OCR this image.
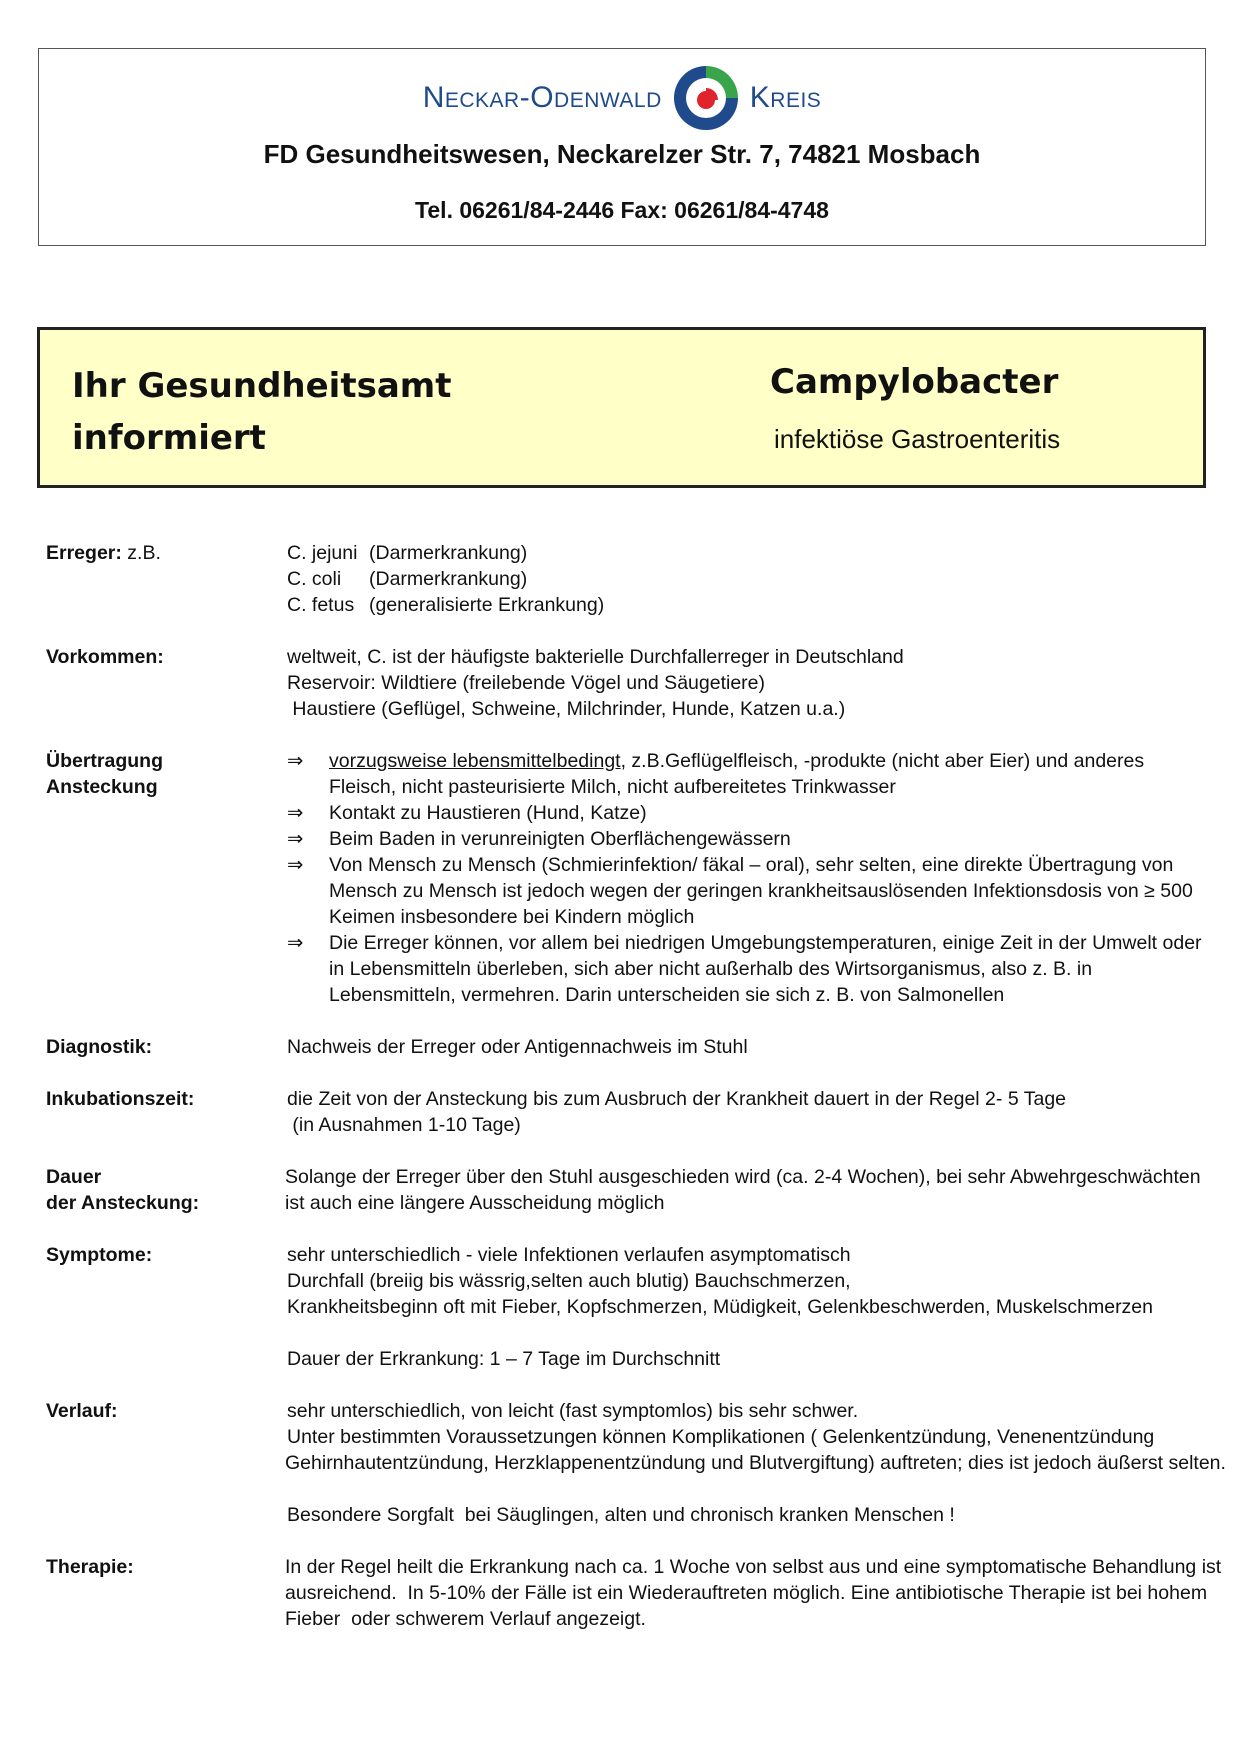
Neckar-Odenwald	Kreis
FD Gesundheitswesen, Neckarelzer Str. 7, 74821 Mosbach
Tel. 06261/84-2446 Fax: 06261/84-4748
Ihr Gesundheitsamt
informiert
Campylobacter
infektiöse Gastroenteritis
Erreger: z.B.	C. jejuni (Darmerkrankung)
C. coli (Darmerkrankung)
C. fetus (generalisierte Erkrankung)
Vorkommen:	weltweit, C. ist der häufigste bakterielle Durchfallerreger in Deutschland
Reservoir: Wildtiere (freilebende Vögel und Säugetiere)
Haustiere (Geflügel, Schweine, Milchrinder, Hunde, Katzen u.a.)
Übertragung
Ansteckung
⇒	vorzugsweise lebensmittelbedingt, z.B.Geflügelfleisch, -produkte (nicht aber Eier) und anderes Fleisch, nicht pasteurisierte Milch, nicht aufbereitetes Trinkwasser
⇒	Kontakt zu Haustieren (Hund, Katze)
⇒	Beim Baden in verunreinigten Oberflächengewässern
⇒	Von Mensch zu Mensch (Schmierinfektion/ fäkal – oral), sehr selten, eine direkte Übertragung von Mensch zu Mensch ist jedoch wegen der geringen krankheitsauslösenden Infektionsdosis von ≥ 500 Keimen insbesondere bei Kindern möglich
⇒	Die Erreger können, vor allem bei niedrigen Umgebungstemperaturen, einige Zeit in der Umwelt oder in Lebensmitteln überleben, sich aber nicht außerhalb des Wirtsorganismus, also z. B. in Lebensmitteln, vermehren. Darin unterscheiden sie sich z. B. von Salmonellen
Diagnostik:	Nachweis der Erreger oder Antigennachweis im Stuhl
Inkubationszeit:	die Zeit von der Ansteckung bis zum Ausbruch der Krankheit dauert in der Regel 2- 5 Tage
(in Ausnahmen 1-10 Tage)
Dauer
der Ansteckung:
Solange der Erreger über den Stuhl ausgeschieden wird (ca. 2-4 Wochen), bei sehr Abwehrgeschwächten
ist auch eine längere Ausscheidung möglich
Symptome:	sehr unterschiedlich - viele Infektionen verlaufen asymptomatisch
Durchfall (breiig bis wässrig,selten auch blutig) Bauchschmerzen,
Krankheitsbeginn oft mit Fieber, Kopfschmerzen, Müdigkeit, Gelenkbeschwerden, Muskelschmerzen
Dauer der Erkrankung: 1 – 7 Tage im Durchschnitt
Verlauf:	sehr unterschiedlich, von leicht (fast symptomlos) bis sehr schwer.
Unter bestimmten Voraussetzungen können Komplikationen ( Gelenkentzündung, Venenentzündung
Gehirnhautentzündung, Herzklappenentzündung und Blutvergiftung) auftreten; dies ist jedoch äußerst selten.
Besondere Sorgfalt  bei Säuglingen, alten und chronisch kranken Menschen !
Therapie:	In der Regel heilt die Erkrankung nach ca. 1 Woche von selbst aus und eine symptomatische Behandlung ist
ausreichend.  In 5-10% der Fälle ist ein Wiederauftreten möglich. Eine antibiotische Therapie ist bei hohem
Fieber  oder schwerem Verlauf angezeigt.
